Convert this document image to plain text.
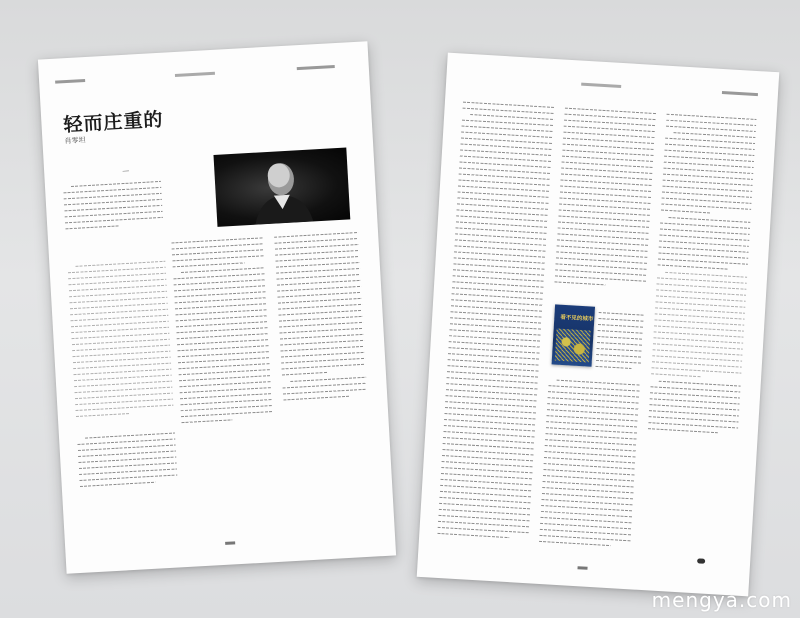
轻而庄重的
肖零坦
—
看不见的城市
mengya.com
